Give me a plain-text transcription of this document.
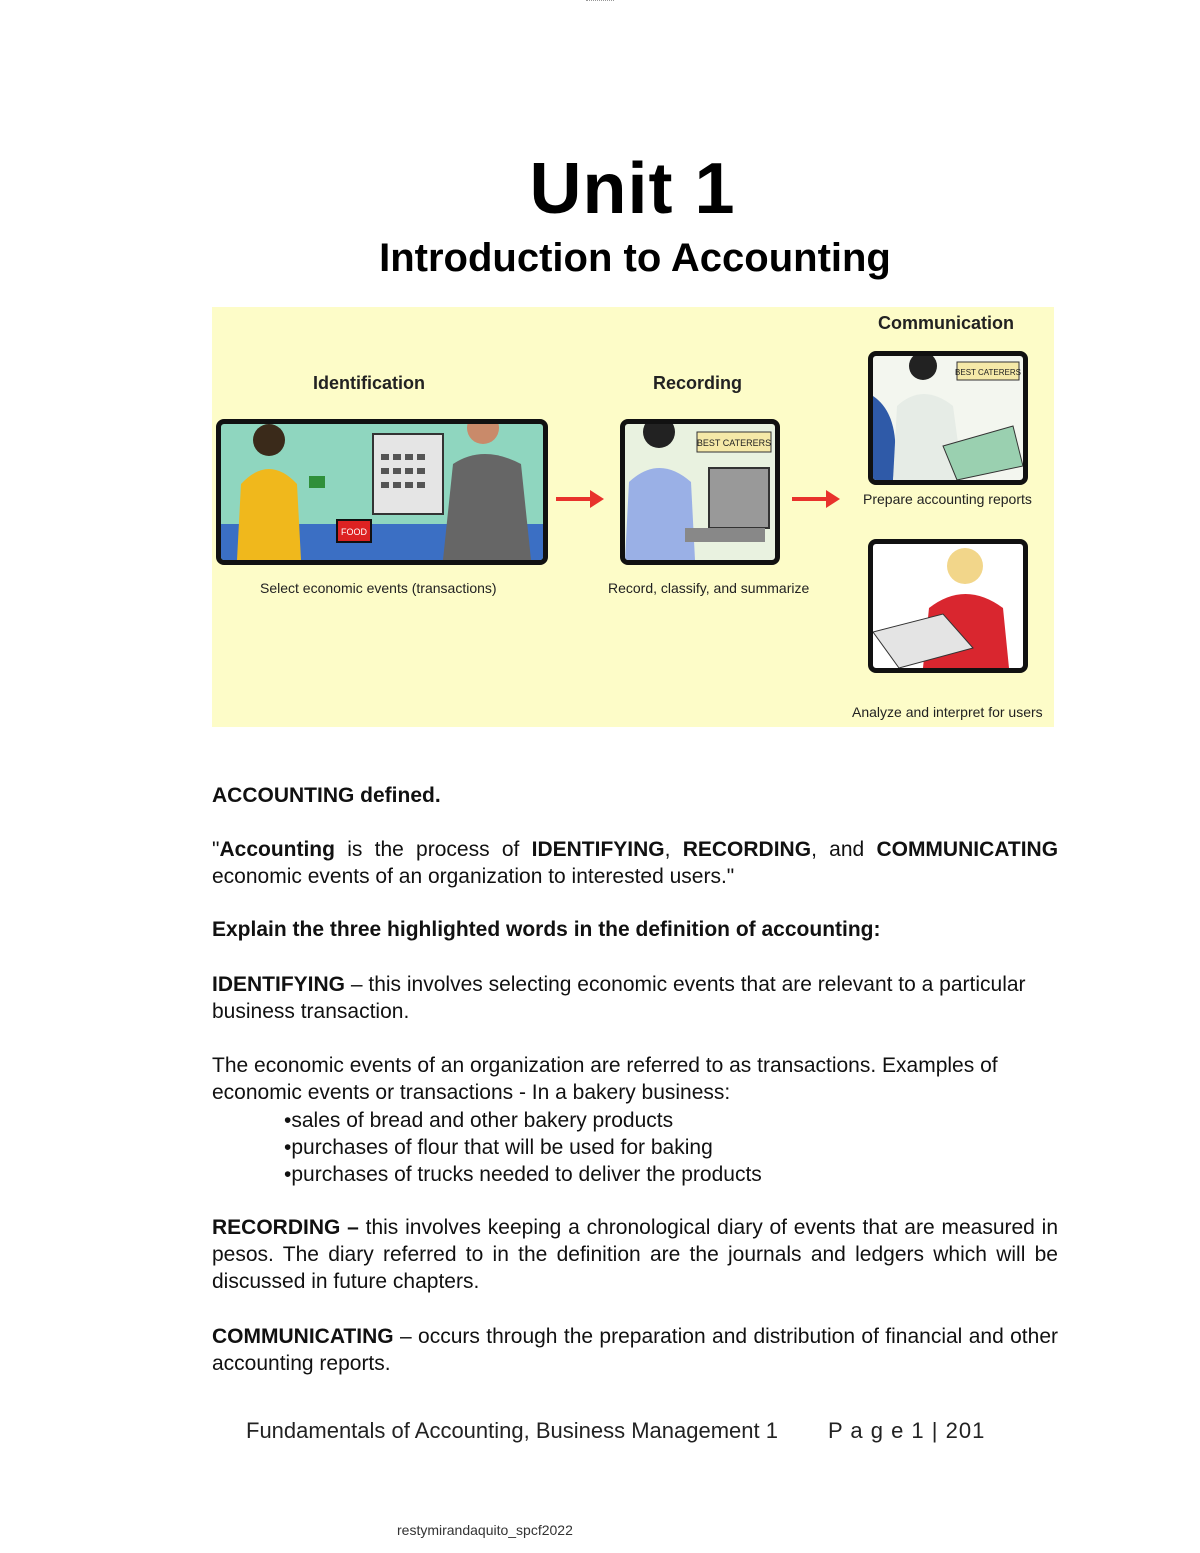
Unit 1
Introduction to Accounting
Identification	Recording
Communication
FOOD
Select economic events (transactions)
BEST CATERERS
Record, classify, and summarize
BEST CATERERS
Prepare accounting reports
Analyze and interpret for users
ACCOUNTING defined.
"Accounting is the process of IDENTIFYING, RECORDING, and COMMUNICATING economic events of an organization to interested users."
Explain the three highlighted words in the definition of accounting:
IDENTIFYING – this involves selecting economic events that are relevant to a particular business transaction.
The economic events of an organization are referred to as transactions. Examples of economic events or transactions - In a bakery business:
• sales of bread and other bakery products
• purchases of flour that will be used for baking
• purchases of trucks needed to deliver the products
RECORDING – this involves keeping a chronological diary of events that are measured in pesos. The diary referred to in the definition are the journals and ledgers which will be discussed in future chapters.
COMMUNICATING – occurs through the preparation and distribution of financial and other accounting reports.
Fundamentals of Accounting, Business Management 1 P a g e 1 | 201
restymirandaquito_spcf2022
